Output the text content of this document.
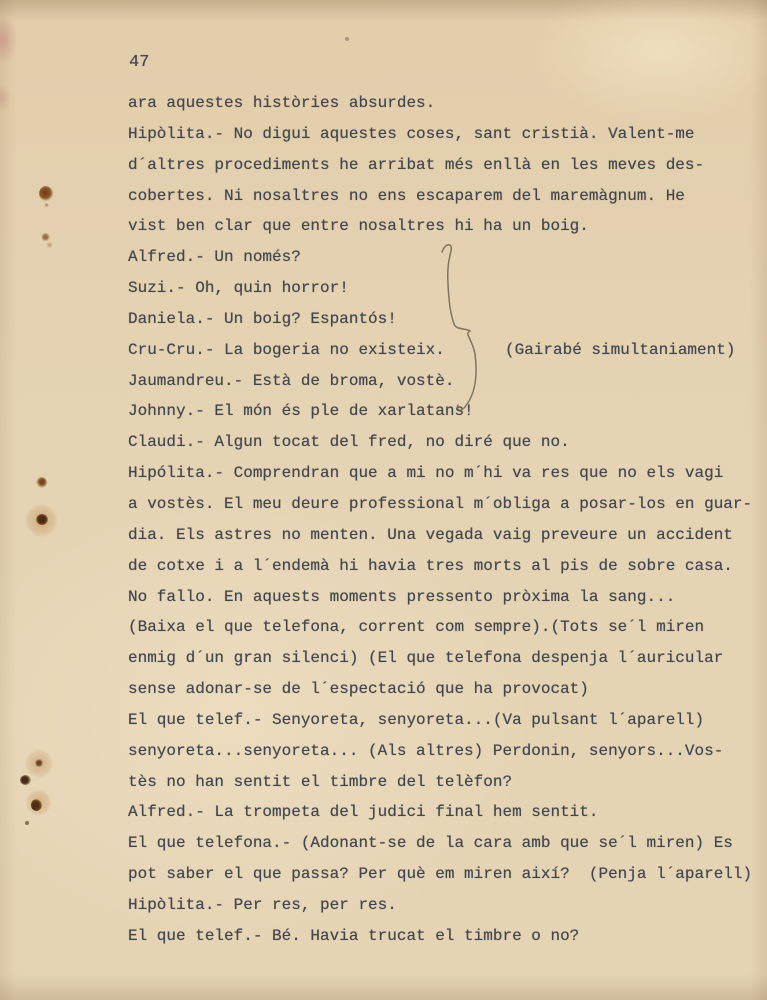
47
ara aquestes històries absurdes.
Hipòlita.- No digui aquestes coses, sant cristià. Valent-me
d´altres procediments he arribat més enllà en les meves des-
cobertes. Ni nosaltres no ens escaparem del maremàgnum. He
vist ben clar que entre nosaltres hi ha un boig.
Alfred.- Un només?
Suzi.- Oh, quin horror!
Daniela.- Un boig? Espantós!
Cru-Cru.- La bogeria no existeix.
Jaumandreu.- Està de broma, vostè.
Johnny.- El món és ple de xarlatans!
Claudi.- Algun tocat del fred, no diré que no.
Hipólita.- Comprendran que a mi no m´hi va res que no els vagi
a vostès. El meu deure professional m´obliga a posar-los en guar-
dia. Els astres no menten. Una vegada vaig preveure un accident
de cotxe i a l´endemà hi havia tres morts al pis de sobre casa.
No fallo. En aquests moments pressento pròxima la sang...
(Baixa el que telefona, corrent com sempre).(Tots se´l miren
enmig d´un gran silenci) (El que telefona despenja l´auricular
sense adonar-se de l´espectació que ha provocat)
El que telef.- Senyoreta, senyoreta...(Va pulsant l´aparell)
senyoreta...senyoreta... (Als altres) Perdonin, senyors...Vos-
tès no han sentit el timbre del telèfon?
Alfred.- La trompeta del judici final hem sentit.
El que telefona.- (Adonant-se de la cara amb que se´l miren) Es
pot saber el que passa? Per què em miren així?  (Penja l´aparell)
Hipòlita.- Per res, per res.
El que telef.- Bé. Havia trucat el timbre o no?
(Gairabé simultaniament)
